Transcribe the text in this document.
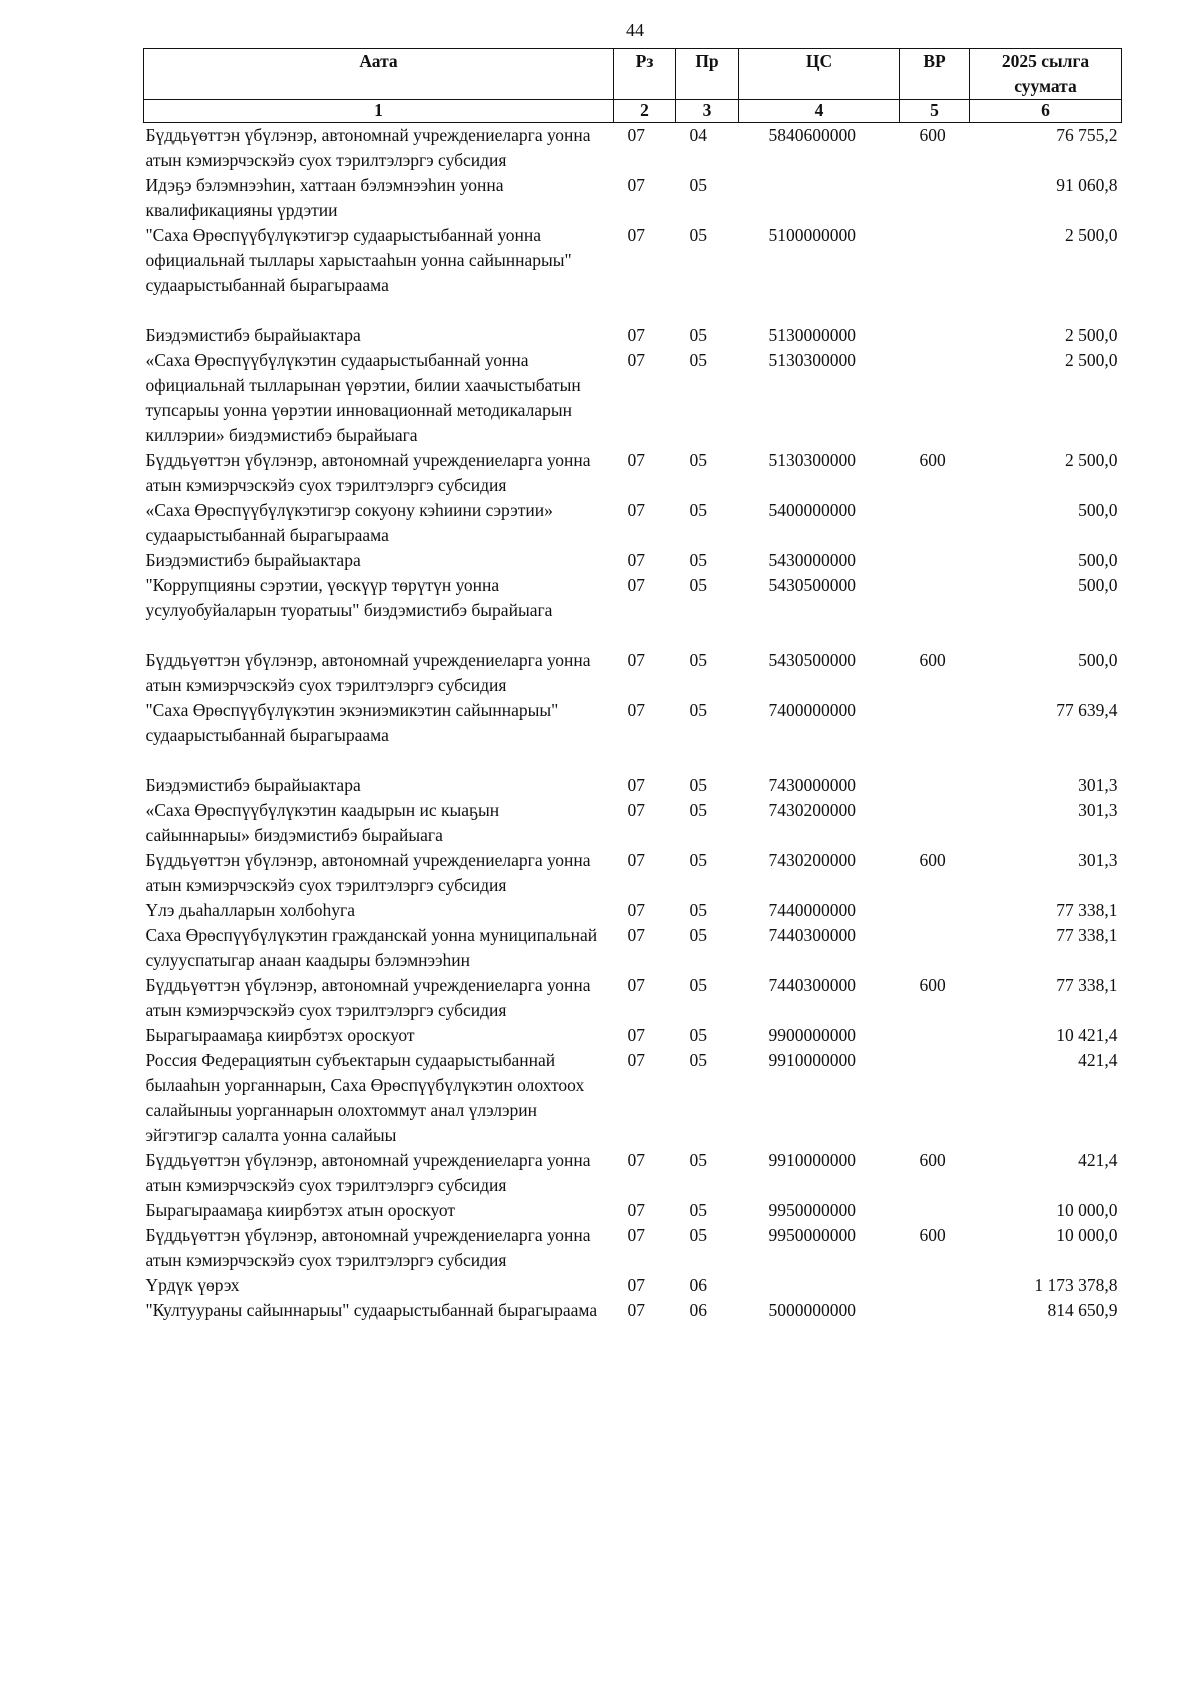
44
Аата	Рз	Пр	ЦС	ВР	2025 сылга суумата
1	2	3	4	5	6
Бүддьүөттэн үбүлэнэр, автономнай учреждениеларга уонна атын кэмиэрчэскэйэ суох тэрилтэлэргэ субсидия	07	04	5840600000	600	76 755,2
Идэҕэ бэлэмнээһин, хаттаан бэлэмнээһин уонна квалификацияны үрдэтии	07	05			91 060,8
"Саха Өрөспүүбүлүкэтигэр судаарыстыбаннай уонна официальнай тыллары харыстааһын уонна сайыннарыы" судаарыстыбаннай бырагыраама	07	05	5100000000		2 500,0

Биэдэмистибэ бырайыактара	07	05	5130000000		2 500,0
«Саха Өрөспүүбүлүкэтин судаарыстыбаннай уонна официальнай тылларынан үөрэтии, билии хаачыстыбатын тупсарыы уонна үөрэтии инновационнай методикаларын киллэрии» биэдэмистибэ бырайыага	07	05	5130300000		2 500,0
Бүддьүөттэн үбүлэнэр, автономнай учреждениеларга уонна атын кэмиэрчэскэйэ суох тэрилтэлэргэ субсидия	07	05	5130300000	600	2 500,0
«Саха Өрөспүүбүлүкэтигэр сокуону кэһиини сэрэтии» судаарыстыбаннай бырагыраама	07	05	5400000000		500,0
Биэдэмистибэ бырайыактара	07	05	5430000000		500,0
"Коррупцияны сэрэтии, үөскүүр төрүтүн уонна усулуобуйаларын туоратыы" биэдэмистибэ бырайыага	07	05	5430500000		500,0

Бүддьүөттэн үбүлэнэр, автономнай учреждениеларга уонна атын кэмиэрчэскэйэ суох тэрилтэлэргэ субсидия	07	05	5430500000	600	500,0
"Саха Өрөспүүбүлүкэтин экэниэмикэтин сайыннарыы" судаарыстыбаннай бырагыраама	07	05	7400000000		77 639,4

Биэдэмистибэ бырайыактара	07	05	7430000000		301,3
«Саха Өрөспүүбүлүкэтин каадырын ис кыаҕын сайыннарыы» биэдэмистибэ бырайыага	07	05	7430200000		301,3
Бүддьүөттэн үбүлэнэр, автономнай учреждениеларга уонна атын кэмиэрчэскэйэ суох тэрилтэлэргэ субсидия	07	05	7430200000	600	301,3
Үлэ дьаһалларын холбоһуга	07	05	7440000000		77 338,1
Саха Өрөспүүбүлүкэтин гражданскай уонна муниципальнай сулууспатыгар анаан каадыры бэлэмнээһин	07	05	7440300000		77 338,1
Бүддьүөттэн үбүлэнэр, автономнай учреждениеларга уонна атын кэмиэрчэскэйэ суох тэрилтэлэргэ субсидия	07	05	7440300000	600	77 338,1
Бырагыраамаҕа киирбэтэх ороскуот	07	05	9900000000		10 421,4
Россия Федерациятын субъектарын судаарыстыбаннай былааһын уорганнарын, Саха Өрөспүүбүлүкэтин олохтоох салайыныы уорганнарын олохтоммут анал үлэлэрин эйгэтигэр салалта уонна салайыы	07	05	9910000000		421,4
Бүддьүөттэн үбүлэнэр, автономнай учреждениеларга уонна атын кэмиэрчэскэйэ суох тэрилтэлэргэ субсидия	07	05	9910000000	600	421,4
Бырагыраамаҕа киирбэтэх атын ороскуот	07	05	9950000000		10 000,0
Бүддьүөттэн үбүлэнэр, автономнай учреждениеларга уонна атын кэмиэрчэскэйэ суох тэрилтэлэргэ субсидия	07	05	9950000000	600	10 000,0
Үрдүк үөрэх	07	06			1 173 378,8
"Култуураны сайыннарыы" судаарыстыбаннай бырагыраама	07	06	5000000000		814 650,9
